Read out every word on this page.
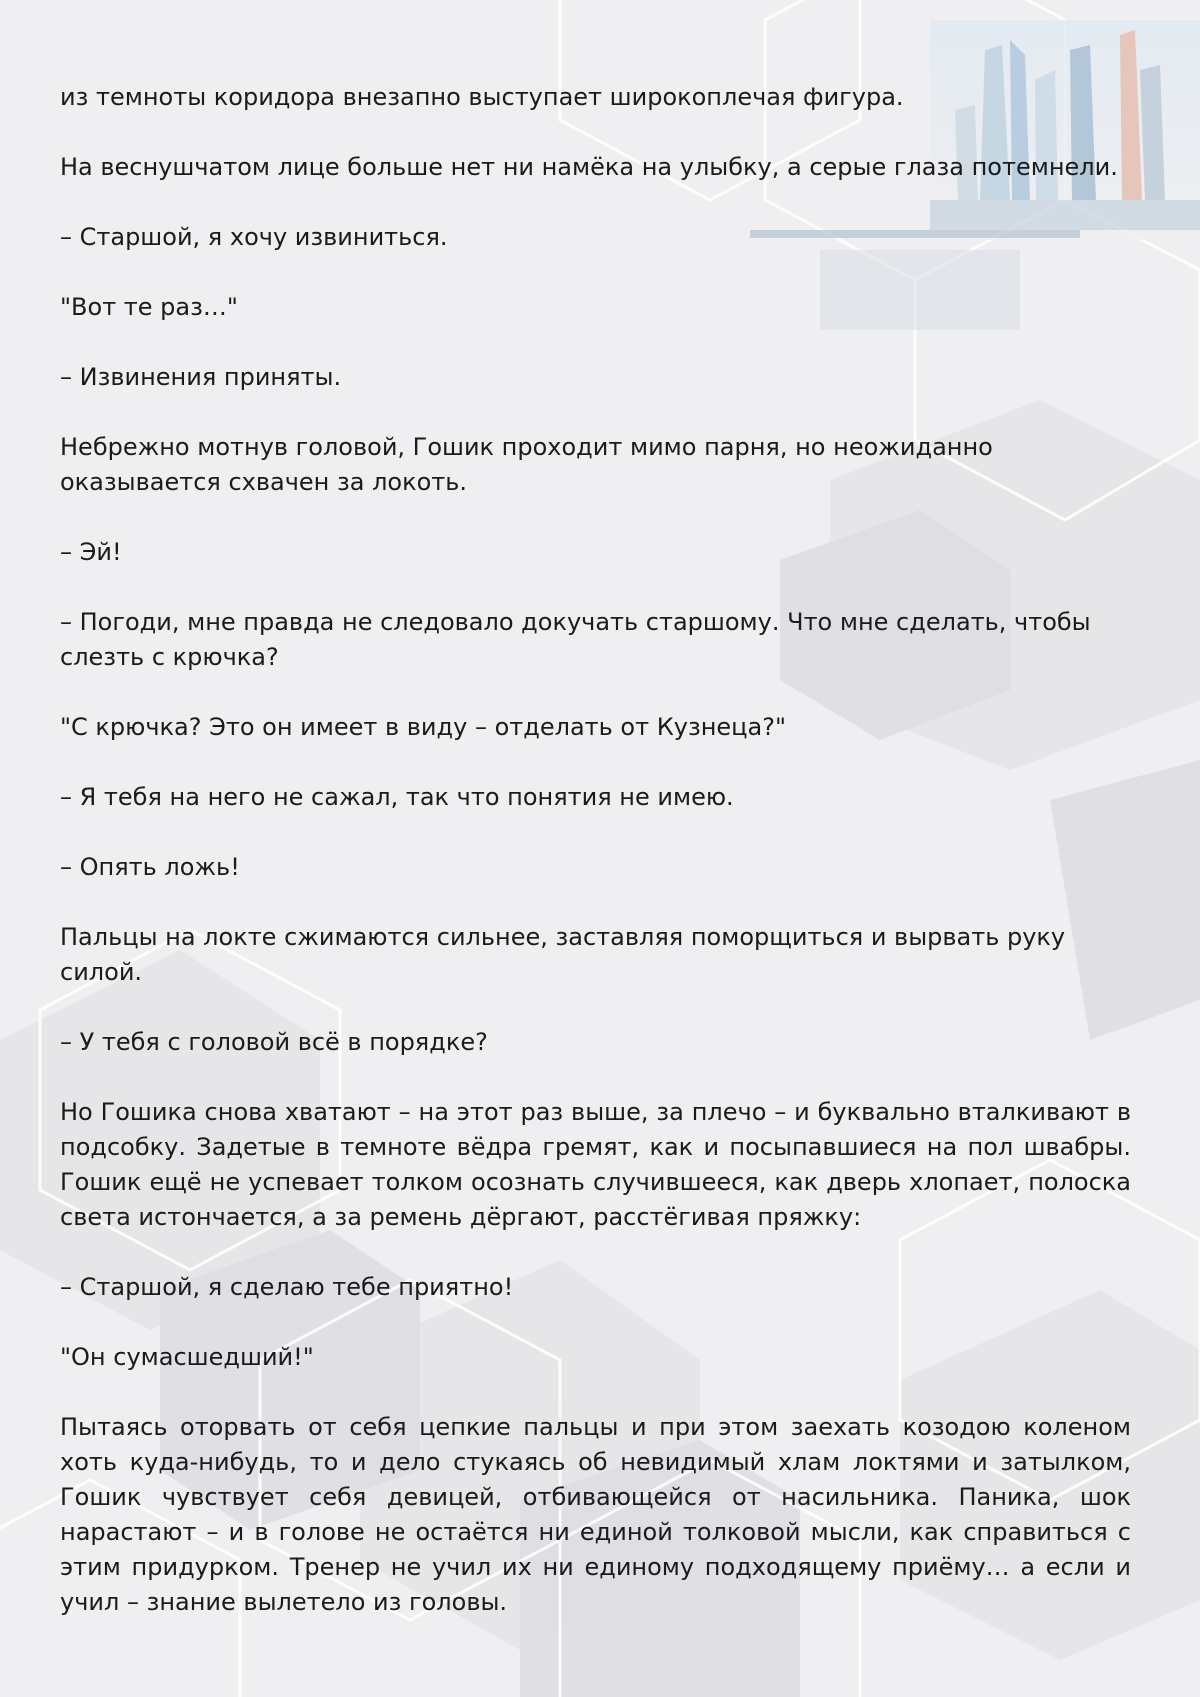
из темноты коридора внезапно выступает широкоплечая фигура.

На веснушчатом лице больше нет ни намёка на улыбку, а серые глаза потемнели.

– Старшой, я хочу извиниться.

"Вот те раз…"

– Извинения приняты.

Небрежно мотнув головой, Гошик проходит мимо парня, но неожиданно оказывается схвачен за локоть.

– Эй!

– Погоди, мне правда не следовало докучать старшому. Что мне сделать, чтобы слезть с крючка?

"С крючка? Это он имеет в виду – отделать от Кузнеца?"

– Я тебя на него не сажал, так что понятия не имею.

– Опять ложь!

Пальцы на локте сжимаются сильнее, заставляя поморщиться и вырвать руку силой.

– У тебя с головой всё в порядке?

Но Гошика снова хватают – на этот раз выше, за плечо – и буквально вталкивают в подсобку. Задетые в темноте вёдра гремят, как и посыпавшиеся на пол швабры. Гошик ещё не успевает толком осознать случившееся, как дверь хлопает, полоска света истончается, а за ремень дёргают, расстёгивая пряжку:

– Старшой, я сделаю тебе приятно!

"Он сумасшедший!"

Пытаясь оторвать от себя цепкие пальцы и при этом заехать козодою коленом хоть куда-нибудь, то и дело стукаясь об невидимый хлам локтями и затылком, Гошик чувствует себя девицей, отбивающейся от насильника. Паника, шок нарастают – и в голове не остаётся ни единой толковой мысли, как справиться с этим придурком. Тренер не учил их ни единому подходящему приёму… а если и учил – знание вылетело из головы.
